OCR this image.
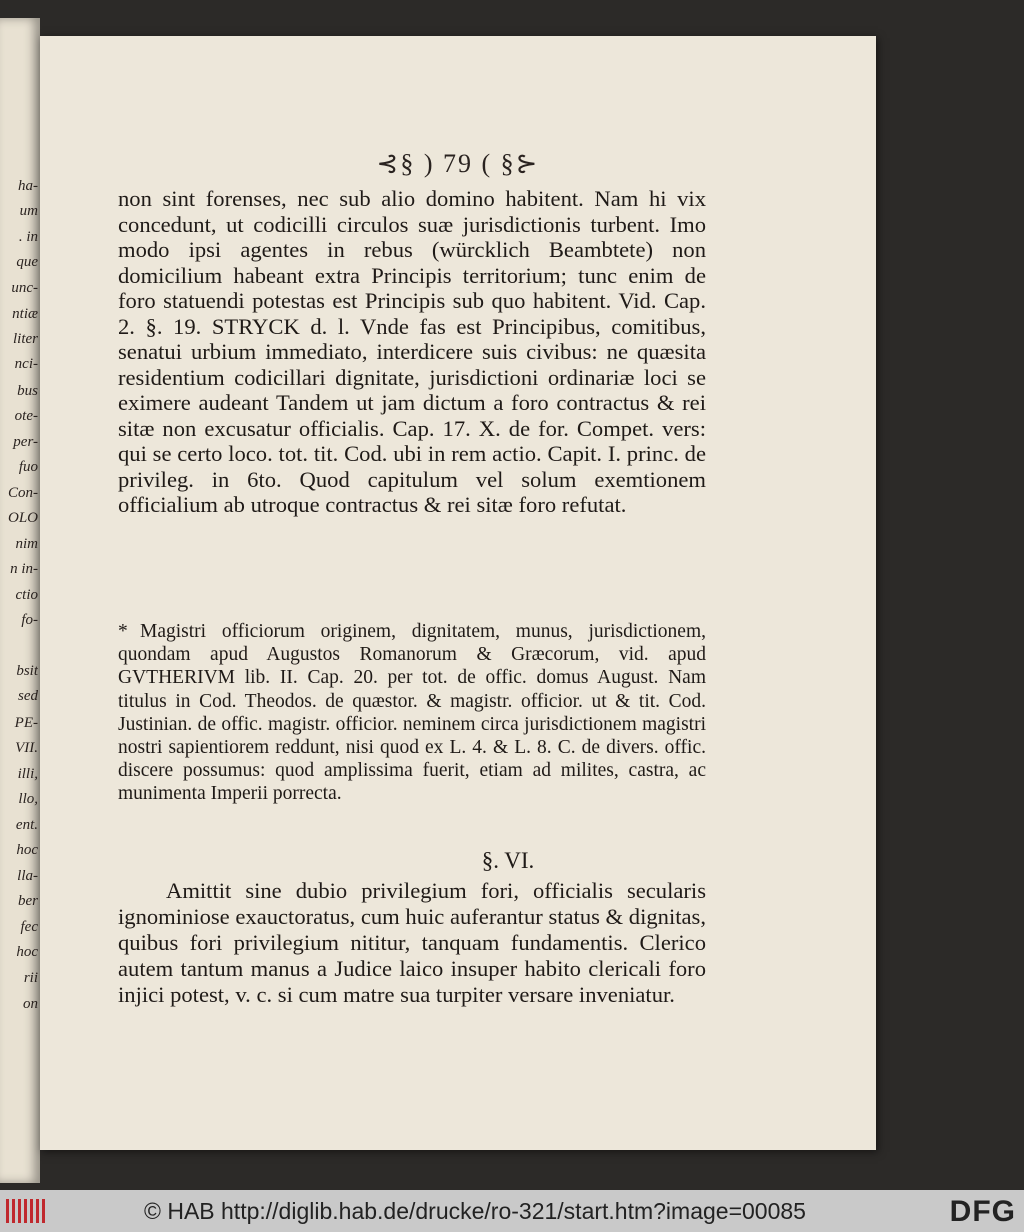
ha-
um
. in
que
unc-
ntiæ
liter
nci-
bus
ote-
per-
fuo
Con-
OLO
nim
n in-
ctio
fo-
bsit
sed
PE-
VII.
illi,
llo,
ent.
hoc
lla-
ber
fec
hoc
rii
on
⊰§ ) 79 ( §⊱

non sint forenses, nec sub alio domino habitent. Nam hi vix concedunt, ut codicilli circulos suæ jurisdictionis turbent. Imo modo ipsi agentes in rebus (würcklich Beambtete) non domicilium habeant extra Principis territorium; tunc enim de foro statuendi potestas est Principis sub quo habitent. Vid. Cap. 2. §. 19. STRYCK d. l. Vnde fas est Principibus, comitibus, senatui urbium immediato, interdicere suis civibus: ne quæsita residentium codicillari dignitate, jurisdictioni ordinariæ loci se eximere audeant Tandem ut jam dictum a foro contractus & rei sitæ non excusatur officialis. Cap. 17. X. de for. Compet. vers: qui se certo loco. tot. tit. Cod. ubi in rem actio. Capit. I. princ. de privileg. in 6to. Quod capitulum vel solum exemtionem officialium ab utroque contractus & rei sitæ foro refutat.

* Magistri officiorum originem, dignitatem, munus, jurisdictionem, quondam apud Augustos Romanorum & Græcorum, vid. apud GVTHERIVM lib. II. Cap. 20. per tot. de offic. domus August. Nam titulus in Cod. Theodos. de quæstor. & magistr. officior. ut & tit. Cod. Justinian. de offic. magistr. officior. neminem circa jurisdictionem magistri nostri sapientiorem reddunt, nisi quod ex L. 4. & L. 8. C. de divers. offic. discere possumus: quod amplissima fuerit, etiam ad milites, castra, ac munimenta Imperii porrecta.
§. VI.
Amittit sine dubio privilegium fori, officialis secularis ignominiose exauctoratus, cum huic auferantur status & dignitas, quibus fori privilegium nititur, tanquam fundamentis. Clerico autem tantum manus a Judice laico insuper habito clericali foro injici potest, v. c. si cum matre sua turpiter versare inveniatur.
© HAB http://diglib.hab.de/drucke/ro-321/start.htm?image=00085	DFG
